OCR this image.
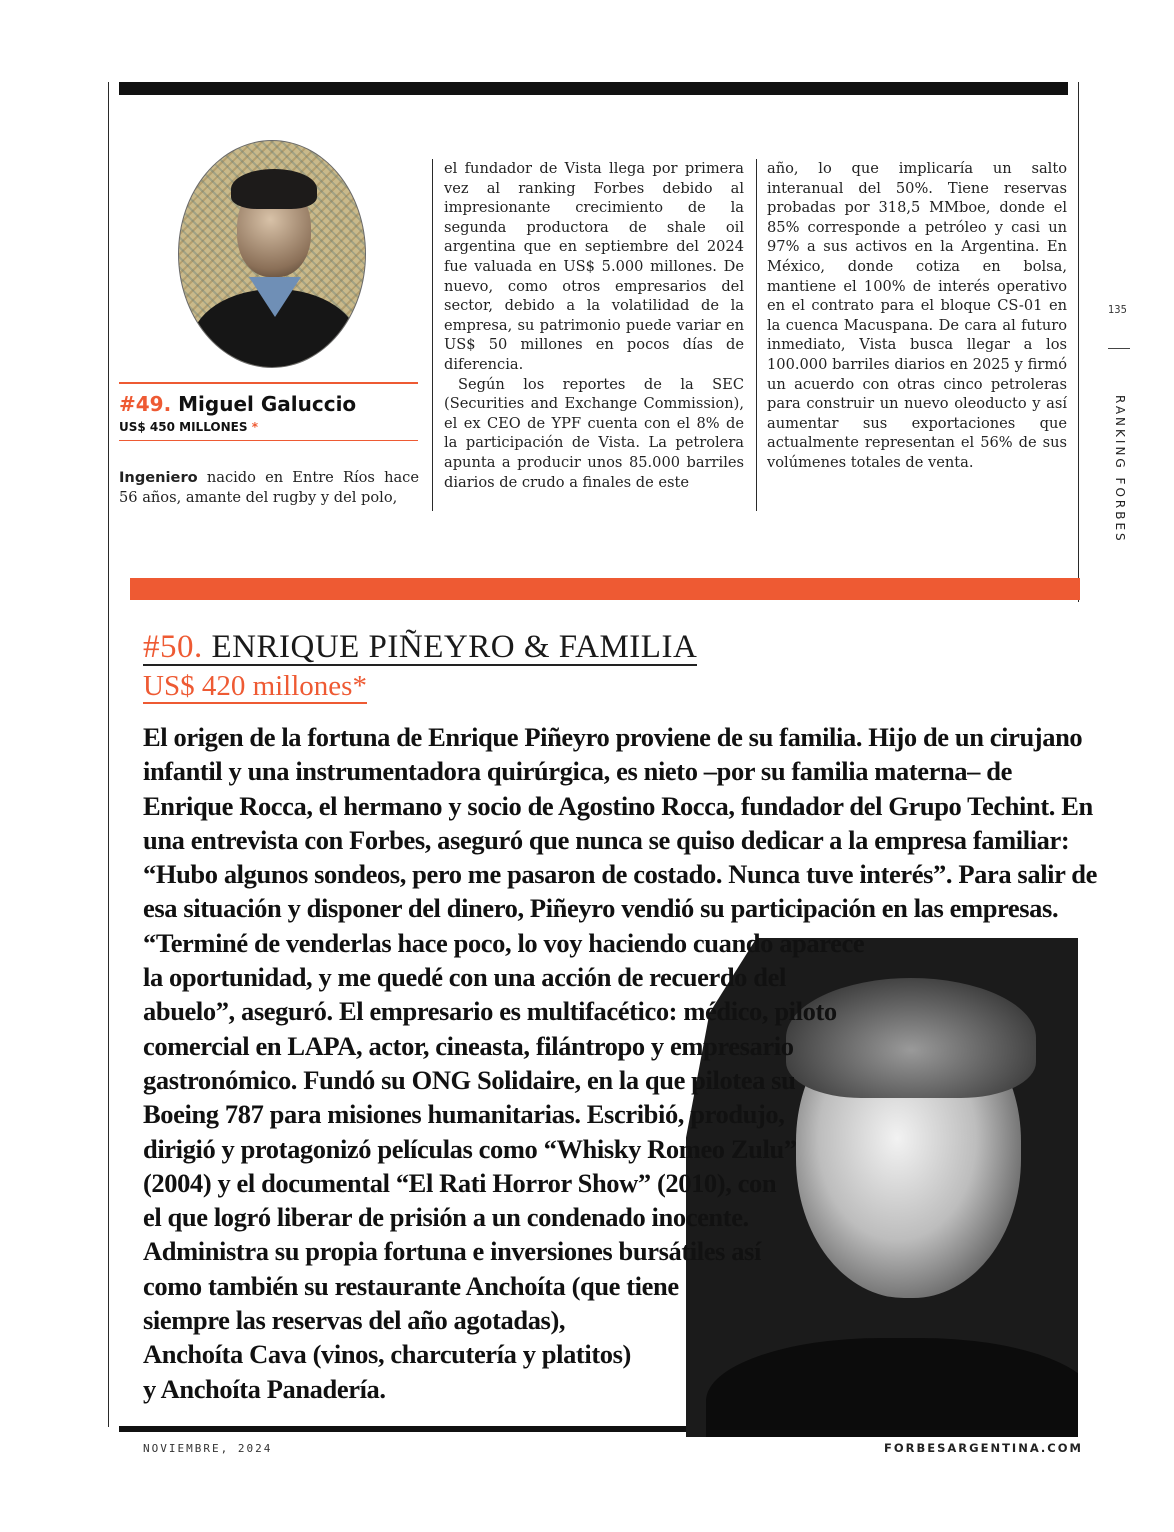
#49. Miguel Galuccio
US$ 450 MILLONES *

Ingeniero nacido en Entre Ríos hace 56 años, amante del rugby y del polo,

el fundador de Vista llega por primera vez al ranking Forbes debido al impresionante crecimiento de la segunda productora de shale oil argentina que en septiembre del 2024 fue valuada en US$ 5.000 millones. De nuevo, como otros empresarios del sector, debido a la volatilidad de la empresa, su patrimonio puede variar en US$ 50 millones en pocos días de diferencia.

Según los reportes de la SEC (Securities and Exchange Commission), el ex CEO de YPF cuenta con el 8% de la participación de Vista. La petrolera apunta a producir unos 85.000 barriles diarios de crudo a finales de este

año, lo que implicaría un salto interanual del 50%. Tiene reservas probadas por 318,5 MMboe, donde el 85% corresponde a petróleo y casi un 97% a sus activos en la Argentina. En México, donde cotiza en bolsa, mantiene el 100% de interés operativo en el contrato para el bloque CS-01 en la cuenca Macuspana. De cara al futuro inmediato, Vista busca llegar a los 100.000 barriles diarios en 2025 y firmó un acuerdo con otras cinco petroleras para construir un nuevo oleoducto y así aumentar sus exportaciones que actualmente representan el 56% de sus volúmenes totales de venta.

135
RANKING FORBES
#50. ENRIQUE PIÑEYRO & FAMILIA
US$ 420 millones*
El origen de la fortuna de Enrique Piñeyro proviene de su familia. Hijo de un cirujano
infantil y una instrumentadora quirúrgica, es nieto –por su familia materna– de
Enrique Rocca, el hermano y socio de Agostino Rocca, fundador del Grupo Techint. En
una entrevista con Forbes, aseguró que nunca se quiso dedicar a la empresa familiar:
“Hubo algunos sondeos, pero me pasaron de costado. Nunca tuve interés”. Para salir de
esa situación y disponer del dinero, Piñeyro vendió su participación en las empresas.
“Terminé de venderlas hace poco, lo voy haciendo cuando aparece
la oportunidad, y me quedé con una acción de recuerdo del
abuelo”, aseguró. El empresario es multifacético: médico, piloto
comercial en LAPA, actor, cineasta, filántropo y empresario
gastronómico. Fundó su ONG Solidaire, en la que pilotea su
Boeing 787 para misiones humanitarias. Escribió, produjo,
dirigió y protagonizó películas como “Whisky Romeo Zulu”
(2004) y el documental “El Rati Horror Show” (2010), con
el que logró liberar de prisión a un condenado inocente.
Administra su propia fortuna e inversiones bursátiles así
como también su restaurante Anchoíta (que tiene
siempre las reservas del año agotadas),
Anchoíta Cava (vinos, charcutería y platitos)
y Anchoíta Panadería.
NOVIEMBRE, 2024	FORBESARGENTINA.COM
